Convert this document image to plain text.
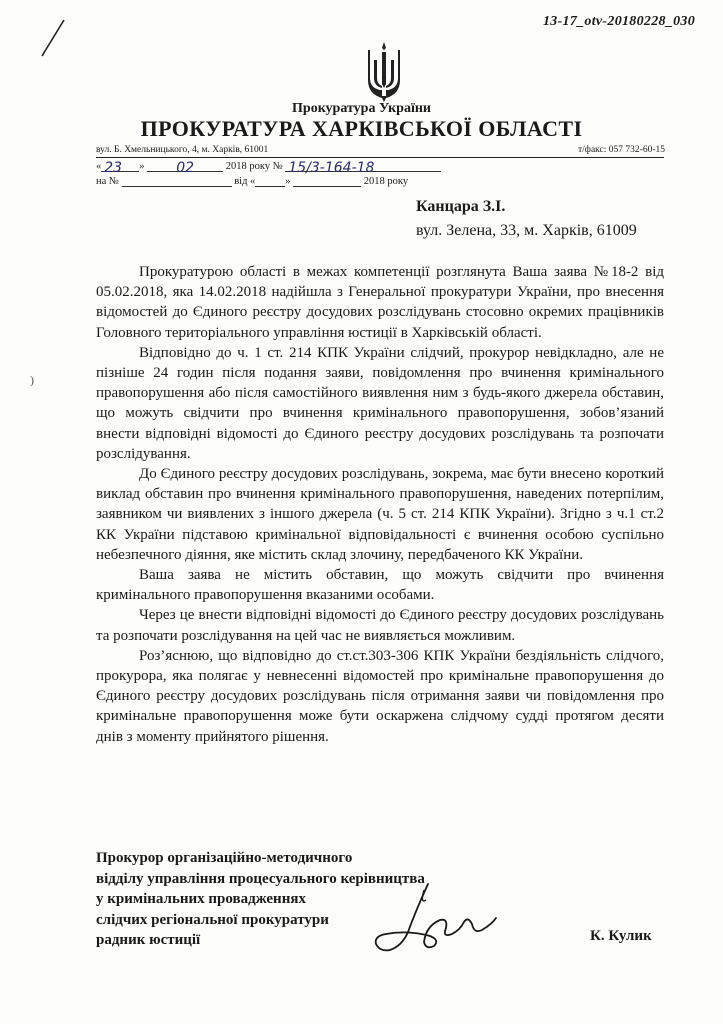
13-17_otv-20180228_030
Прокуратура України
ПРОКУРАТУРА ХАРКІВСЬКОЇ ОБЛАСТІ
вул. Б. Хмельницького, 4, м. Харків, 61001	т/факс: 057 732-60-15
« 23 » 02	2018 року № 15/3-164-18
на №	від «	»	2018 року
Канцара З.І.
вул. Зелена, 33, м. Харків, 61009

Прокуратурою області в межах компетенції розглянута Ваша заява №18-2 від 05.02.2018, яка 14.02.2018 надійшла з Генеральної прокуратури України, про внесення відомостей до Єдиного реєстру досудових розслідувань стосовно окремих працівників Головного територіального управління юстиції в Харківській області.

Відповідно до ч. 1 ст. 214 КПК України слідчий, прокурор невідкладно, але не пізніше 24 годин після подання заяви, повідомлення про вчинення кримінального правопорушення або після самостійного виявлення ним з будь-якого джерела обставин, що можуть свідчити про вчинення кримінального правопорушення, зобов’язаний внести відповідні відомості до Єдиного реєстру досудових розслідувань та розпочати розслідування.

До Єдиного реєстру досудових розслідувань, зокрема, має бути внесено короткий виклад обставин про вчинення кримінального правопорушення, наведених потерпілим, заявником чи виявлених з іншого джерела (ч. 5 ст. 214 КПК України). Згідно з ч.1 ст.2 КК України підставою кримінальної відповідальності є вчинення особою суспільно небезпечного діяння, яке містить склад злочину, передбаченого КК України.

Ваша заява не містить обставин, що можуть свідчити про вчинення кримінального правопорушення вказаними особами.

Через це внести відповідні відомості до Єдиного реєстру досудових розслідувань та розпочати розслідування на цей час не виявляється можливим.

Роз’яснюю, що відповідно до ст.ст.303-306 КПК України бездіяльність слідчого, прокурора, яка полягає у невнесенні відомостей про кримінальне правопорушення до Єдиного реєстру досудових розслідувань після отримання заяви чи повідомлення про кримінальне правопорушення може бути оскаржена слідчому судді протягом десяти днів з моменту прийнятого рішення.

)
Прокурор організаційно-методичного
відділу управління процесуального керівництва
у кримінальних провадженнях
слідчих регіональної прокуратури
радник юстиції	К. Кулик
